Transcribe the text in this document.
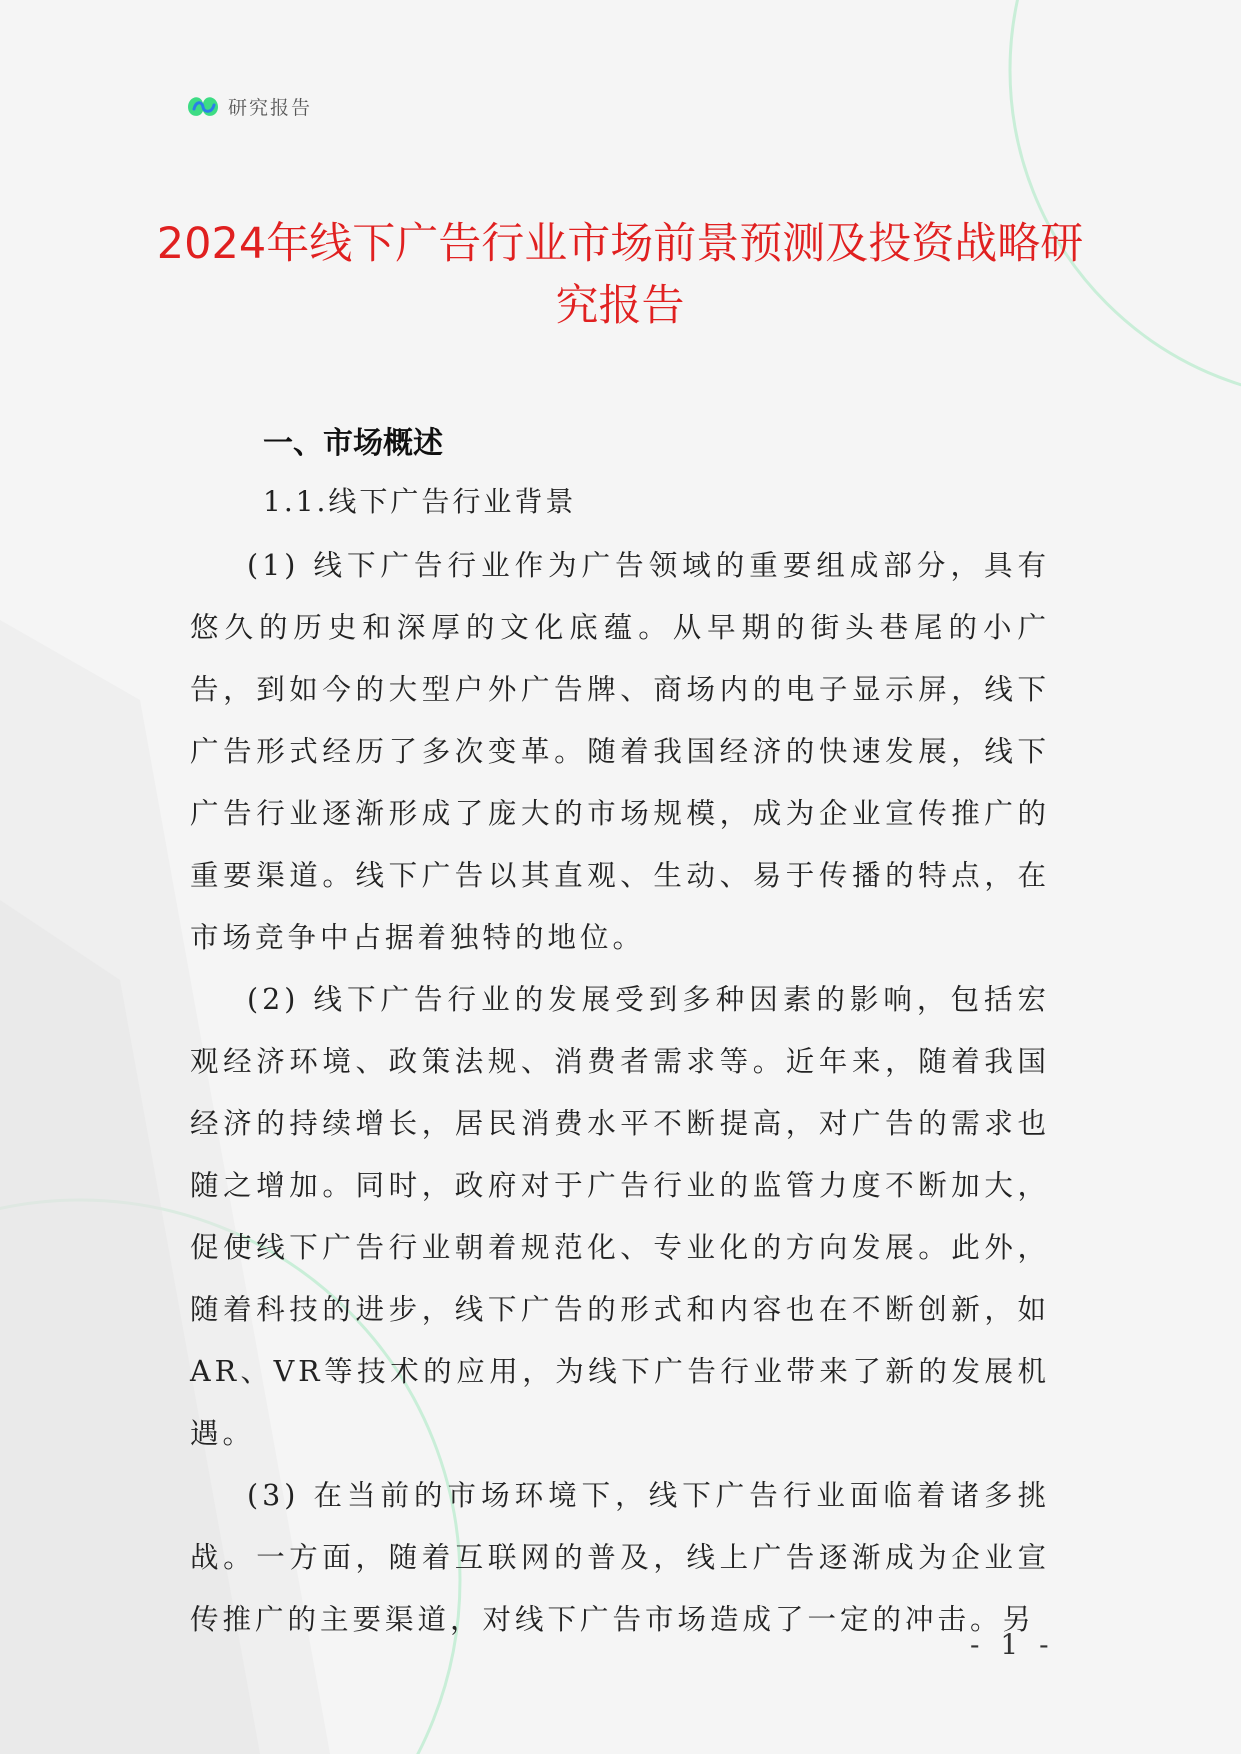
研究报告
2024年线下广告行业市场前景预测及投资战略研究报告
一、市场概述
1.1.线下广告行业背景

(1) 线下广告行业作为广告领域的重要组成部分，具有悠久的历史和深厚的文化底蕴。从早期的街头巷尾的小广告，到如今的大型户外广告牌、商场内的电子显示屏，线下广告形式经历了多次变革。随着我国经济的快速发展，线下广告行业逐渐形成了庞大的市场规模，成为企业宣传推广的重要渠道。线下广告以其直观、生动、易于传播的特点，在市场竞争中占据着独特的地位。

(2) 线下广告行业的发展受到多种因素的影响，包括宏观经济环境、政策法规、消费者需求等。近年来，随着我国经济的持续增长，居民消费水平不断提高，对广告的需求也随之增加。同时，政府对于广告行业的监管力度不断加大，促使线下广告行业朝着规范化、专业化的方向发展。此外，随着科技的进步，线下广告的形式和内容也在不断创新，如AR、VR等技术的应用，为线下广告行业带来了新的发展机遇。

(3) 在当前的市场环境下，线下广告行业面临着诸多挑战。一方面，随着互联网的普及，线上广告逐渐成为企业宣传推广的主要渠道，对线下广告市场造成了一定的冲击。另

- 1 -
